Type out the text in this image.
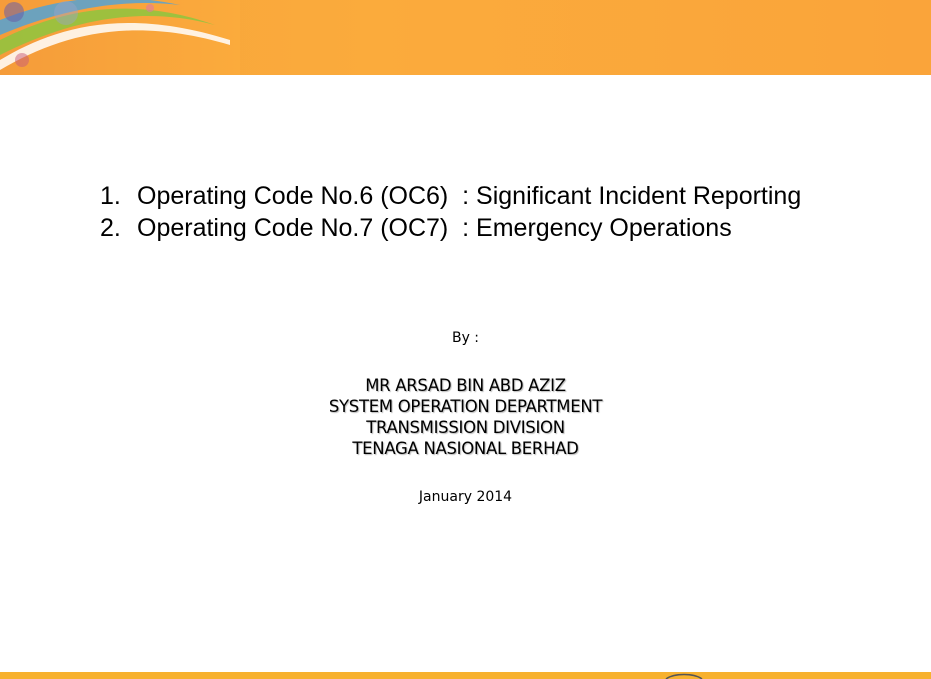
1. Operating Code No.6 (OC6)  : Significant Incident Reporting
2. Operating Code No.7 (OC7)  : Emergency Operations
By :
MR ARSAD BIN ABD AZIZ
SYSTEM OPERATION DEPARTMENT
TRANSMISSION DIVISION
TENAGA NASIONAL BERHAD
January 2014
